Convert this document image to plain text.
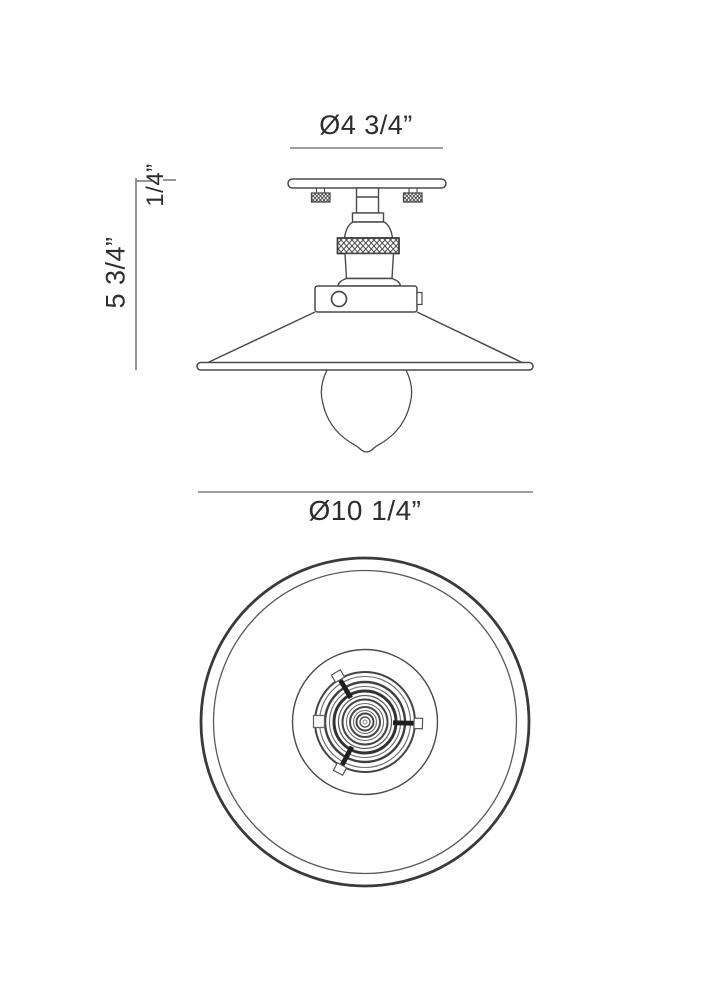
Ø4 3/4”
1/4”
5 3/4”
Ø10 1/4”
